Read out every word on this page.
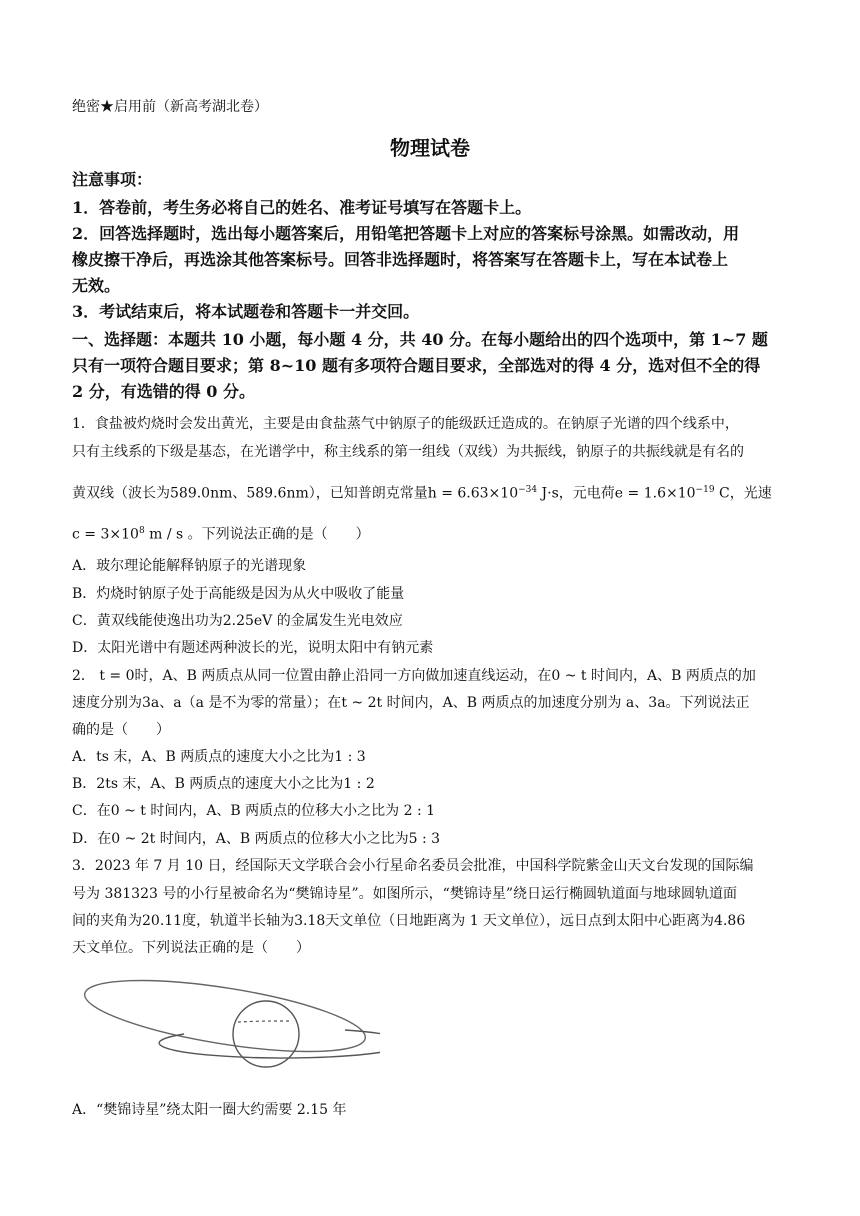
绝密★启用前（新高考湖北卷）
物理试卷
注意事项：
1．答卷前，考生务必将自己的姓名、准考证号填写在答题卡上。
2．回答选择题时，选出每小题答案后，用铅笔把答题卡上对应的答案标号涂黑。如需改动，用
橡皮擦干净后，再选涂其他答案标号。回答非选择题时，将答案写在答题卡上，写在本试卷上
无效。
3．考试结束后，将本试题卷和答题卡一并交回。
一、选择题：本题共 10 小题，每小题 4 分，共 40 分。在每小题给出的四个选项中，第 1~7 题
只有一项符合题目要求；第 8~10 题有多项符合题目要求，全部选对的得 4 分，选对但不全的得
2 分，有选错的得 0 分。
1．食盐被灼烧时会发出黄光，主要是由食盐蒸气中钠原子的能级跃迁造成的。在钠原子光谱的四个线系中，
只有主线系的下级是基态，在光谱学中，称主线系的第一组线（双线）为共振线，钠原子的共振线就是有名的
黄双线（波长为589.0nm、589.6nm），已知普朗克常量$h = 6.63\times 10^{-34}$ J·s，元电荷$e = 1.6\times 10^{-19}$ C，光速
$c = 3\times 10^8$ m / s 。下列说法正确的是（　　）
A．玻尔理论能解释钠原子的光谱现象
B．灼烧时钠原子处于高能级是因为从火中吸收了能量
C．黄双线能使逸出功为2.25eV 的金属发生光电效应
D．太阳光谱中有题述两种波长的光，说明太阳中有钠元素
2． t = 0时，A、B 两质点从同一位置由静止沿同一方向做加速直线运动，在0 ~ t 时间内，A、B 两质点的加
速度分别为3a、a（a 是不为零的常量）；在t ~ 2t 时间内，A、B 两质点的加速度分别为 a、3a。下列说法正
确的是（　　）
A．ts 末，A、B 两质点的速度大小之比为1 : 3
B．2ts 末，A、B 两质点的速度大小之比为1 : 2
C．在0 ~ t 时间内，A、B 两质点的位移大小之比为 2 : 1
D．在0 ~ 2t 时间内，A、B 两质点的位移大小之比为5 : 3
3．2023 年 7 月 10 日，经国际天文学联合会小行星命名委员会批准，中国科学院紫金山天文台发现的国际编
号为 381323 号的小行星被命名为“樊锦诗星”。如图所示，“樊锦诗星”绕日运行椭圆轨道面与地球圆轨道面
间的夹角为20.11度，轨道半长轴为3.18天文单位（日地距离为 1 天文单位），远日点到太阳中心距离为4.86
天文单位。下列说法正确的是（　　）
A．“樊锦诗星”绕太阳一圈大约需要 2.15 年
